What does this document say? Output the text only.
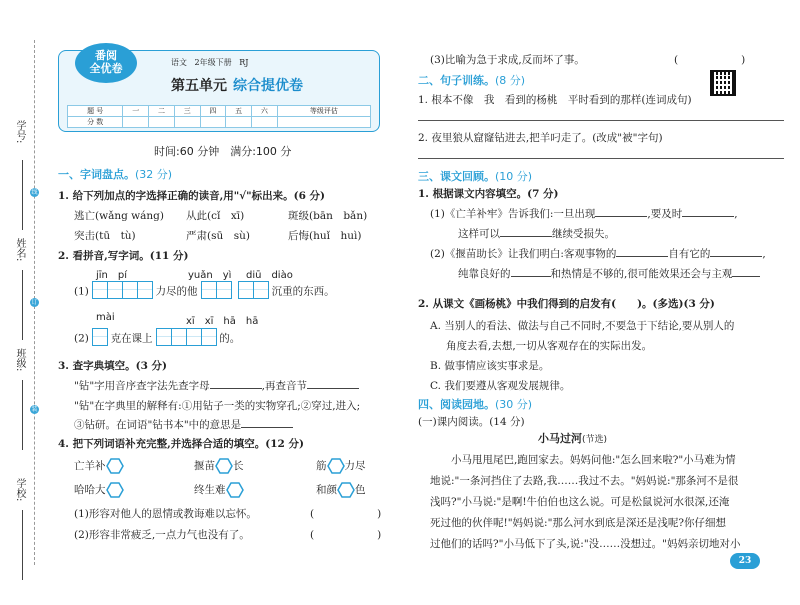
学号:
线
姓名:
订
班级:
装
学校:
番阅
全优卷	语文 2年级下册 RJ
第五单元 综合提优卷
题 号	一	二	三	四	五	六	等级评估
分 数							
时间:60 分钟　满分:100 分
一、字词盘点。(32 分)
1. 给下列加点的字选择正确的读音,用"√"标出来。(6 分)
逃亡(wǎng wáng) 从此(cǐ　xī)	斑级(bān　bǎn)
突击(tū　tù)	严肃(sū　sù)	后悔(huǐ　huì)
2. 看拼音,写字词。(11 分)
jīn　pí	yuǎn　yì diū　diào
(1)	力尽的他	沉重的东西。
mài	xī　xī　hā　hā
(2) 克在课上	的。
3. 查字典填空。(3 分)
"钻"字用音序查字法先查字母	,再查音节
"钻"在字典里的解释有:①用钻子一类的实物穿孔;②穿过,进入;
③钻研。在词语"钻书本"中的意思是
4. 把下列词语补充完整,并选择合适的填空。(12 分)
亡羊补	揠苗 长	筋 力尽
哈哈大	终生难	和颜 色
(1)形容对他人的恩情或教诲难以忘怀。	(　　　　　　)
(2)形容非常疲乏,一点力气也没有了。	(　　　　　　)
(3)比喻为急于求成,反而坏了事。	(　　　　　　)
二、句子训练。(8 分)
1. 根本不像　我　看到的杨桃　平时看到的那样(连词成句)
2. 夜里狼从窟窿钻进去,把羊叼走了。(改成"被"字句)
三、课文回顾。(10 分)
1. 根据课文内容填空。(7 分)
(1)《亡羊补牢》告诉我们:一旦出现	,要及时	,
这样可以	继续受损失。
(2)《揠苗助长》让我们明白:客观事物的	自有它的	,
纯靠良好的	和热情是不够的,很可能效果还会与主观
2. 从课文《画杨桃》中我们得到的启发有(　　)。(多选)(3 分)
A. 当别人的看法、做法与自己不同时,不要急于下结论,要从别人的
角度去看,去想,一切从客观存在的实际出发。
B. 做事情应该实事求是。
C. 我们要遵从客观发展规律。
四、阅读园地。(30 分)
(一)课内阅读。(14 分)
小马过河(节选)
小马甩甩尾巴,跑回家去。妈妈问他:"怎么回来啦?"小马难为情
地说:"一条河挡住了去路,我……我过不去。"妈妈说:"那条河不是很
浅吗?"小马说:"是啊!牛伯伯也这么说。可是松鼠说河水很深,还淹
死过他的伙伴呢!"妈妈说:"那么河水到底是深还是浅呢?你仔细想
过他们的话吗?"小马低下了头,说:"没……没想过。"妈妈亲切地对小
23
